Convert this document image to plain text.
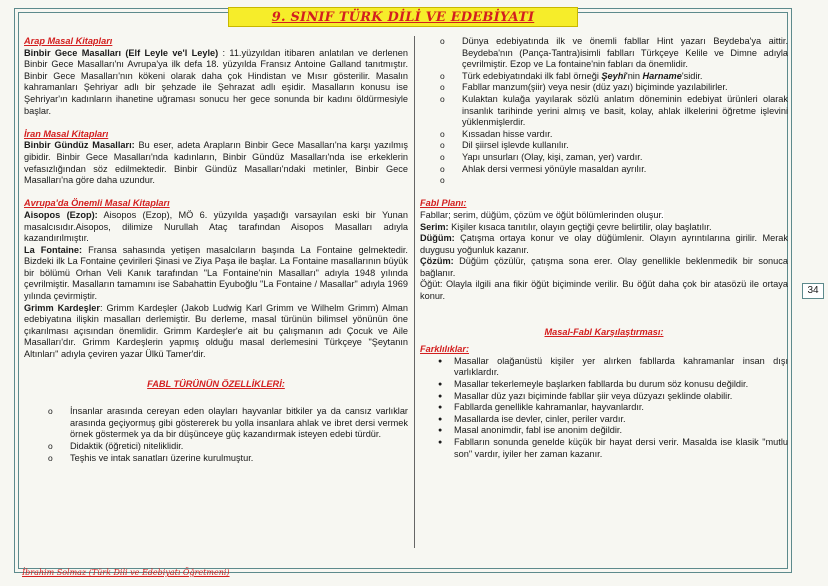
9. SINIF TÜRK DİLİ VE EDEBİYATI
Arap Masal Kitapları

Binbir Gece Masalları (Elf Leyle ve'l Leyle) : 11.yüzyıldan itibaren anlatılan ve derlenen Binbir Gece Masalları'nı Avrupa'ya ilk defa 18. yüzyılda Fransız Antoine Galland tanıtmıştır. Binbir Gece Masalları'nın kökeni olarak daha çok Hindistan ve Mısır gösterilir. Masalın kahramanları Şehriyar adlı bir şehzade ile Şehrazat adlı eşidir. Masalların konusu ise Şehriyar'ın kadınların ihanetine uğraması sonucu her gece sonunda bir kadını öldürmesiyle başlar.

İran Masal Kitapları

Binbir Gündüz Masalları: Bu eser, adeta Arapların Binbir Gece Masalları'na karşı yazılmış gibidir. Binbir Gece Masalları'nda kadınların, Binbir Gündüz Masalları'nda ise erkeklerin vefasızlığından söz edilmektedir. Binbir Gündüz Masalları'ndaki metinler, Binbir Gece Masalları'na göre daha uzundur.

Avrupa'da Önemli Masal Kitapları

Aisopos (Ezop): Aisopos (Ezop), MÖ 6. yüzyılda yaşadığı varsayılan eski bir Yunan masalcısıdır.Aisopos, dilimize Nurullah Ataç tarafından Aisopos Masalları adıyla kazandırılmıştır.

La Fontaine: Fransa sahasında yetişen masalcıların başında La Fontaine gelmektedir. Bizdeki ilk La Fontaine çevirileri Şinasi ve Ziya Paşa ile başlar. La Fontaine masallarının büyük bir bölümü Orhan Veli Kanık tarafından "La Fontaine'nin Masalları" adıyla 1948 yılında çevrilmiştir. Masalların tamamını ise Sabahattin Eyuboğlu "La Fontaine / Masallar" adıyla 1969 yılında çevirmiştir.

Grimm Kardeşler: Grimm Kardeşler (Jakob Ludwig Karl Grimm ve Wilhelm Grimm) Alman edebiyatına ilişkin masalları derlemiştir. Bu derleme, masal türünün bilimsel yönünün öne çıkarılması açısından önemlidir. Grimm Kardeşler'e ait bu çalışmanın adı Çocuk ve Aile Masalları'dır. Grimm Kardeşlerin yapmış olduğu masal derlemesini Türkçeye "Şeytanın Altınları" adıyla çeviren yazar Ülkü Tamer'dir.

FABL TÜRÜNÜN ÖZELLİKLERİ:
o İnsanlar arasında cereyan eden olayları hayvanlar bitkiler ya da cansız varlıklar arasında geçiyormuş gibi göstererek bu yolla insanlara ahlak ve ibret dersi vermek örnek göstermek ya da bir düşünceye güç kazandırmak isteyen edebi türdür.
o Didaktik (öğretici) niteliklidir.
o Teşhis ve intak sanatları üzerine kurulmuştur.
o Dünya edebiyatında ilk ve önemli fabllar Hint yazarı Beydeba'ya aittir. Beydeba'nın (Pança-Tantra)isimli fablları Türkçeye Kelile ve Dimne adıyla çevrilmiştir. Ezop ve La fontaine'nin fabları da önemlidir.
o Türk edebiyatındaki ilk fabl örneği Şeyhî'nin Harname'sidir.
o Fabllar manzum(şiir) veya nesir (düz yazı) biçiminde yazılabilirler.
o Kulaktan kulağa yayılarak sözlü anlatım döneminin edebiyat ürünleri olarak insanlık tarihinde yerini almış ve basit, kolay, ahlak ilkelerini öğretme işlevini yüklenmişlerdir.
o Kıssadan hisse vardır.
o Dil şiirsel işlevde kullanılır.
o Yapı unsurları (Olay, kişi, zaman, yer) vardır.
o Ahlak dersi vermesi yönüyle masaldan ayrılır.
o
Fabl Planı:

Fabllar; serim, düğüm, çözüm ve öğüt bölümlerinden oluşur.

Serim: Kişiler kısaca tanıtılır, olayın geçtiği çevre belirtilir, olay başlatılır.

Düğüm: Çatışma ortaya konur ve olay düğümlenir. Olayın ayrıntılarına girilir. Merak duygusu yoğunluk kazanır.

Çözüm: Düğüm çözülür, çatışma sona erer. Olay genellikle beklenmedik bir sonuca bağlanır.

Öğüt: Olayla ilgili ana fikir öğüt biçiminde verilir. Bu öğüt daha çok bir atasözü ile ortaya konur.

Masal-Fabl Karşılaştırması:
Farklılıklar:
● Masallar olağanüstü kişiler yer alırken fabllarda kahramanlar insan dışı varlıklardır.
● Masallar tekerlemeyle başlarken fabllarda bu durum söz konusu değildir.
● Masallar düz yazı biçiminde fabllar şiir veya düzyazı şeklinde olabilir.
● Fabllarda genellikle kahramanlar, hayvanlardır.
● Masallarda ise devler, cinler, periler vardır.
● Masal anonimdir, fabl ise anonim değildir.
● Fablların sonunda genelde küçük bir hayat dersi verir. Masalda ise klasik "mutlu son" vardır, iyiler her zaman kazanır.
34
İbrahim Solmaz (Türk Dili ve Edebiyatı Öğretmeni)
